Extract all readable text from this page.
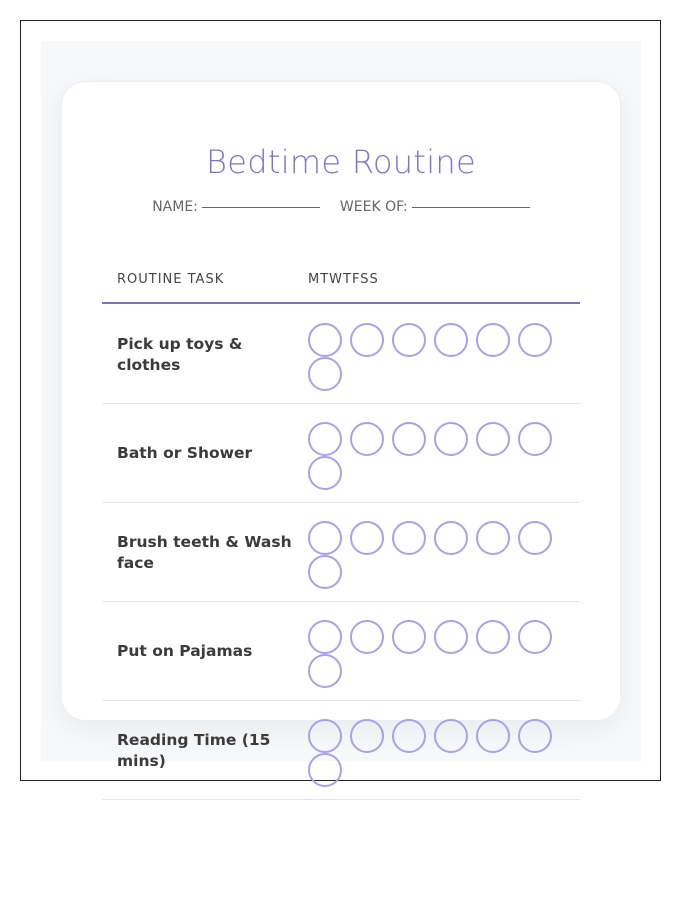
Bedtime Routine
NAME:	WEEK OF:
ROUTINE TASK	MTWTFSS
Pick up toys & clothes
Bath or Shower
Brush teeth & Wash face
Put on Pajamas
Reading Time (15 mins)
